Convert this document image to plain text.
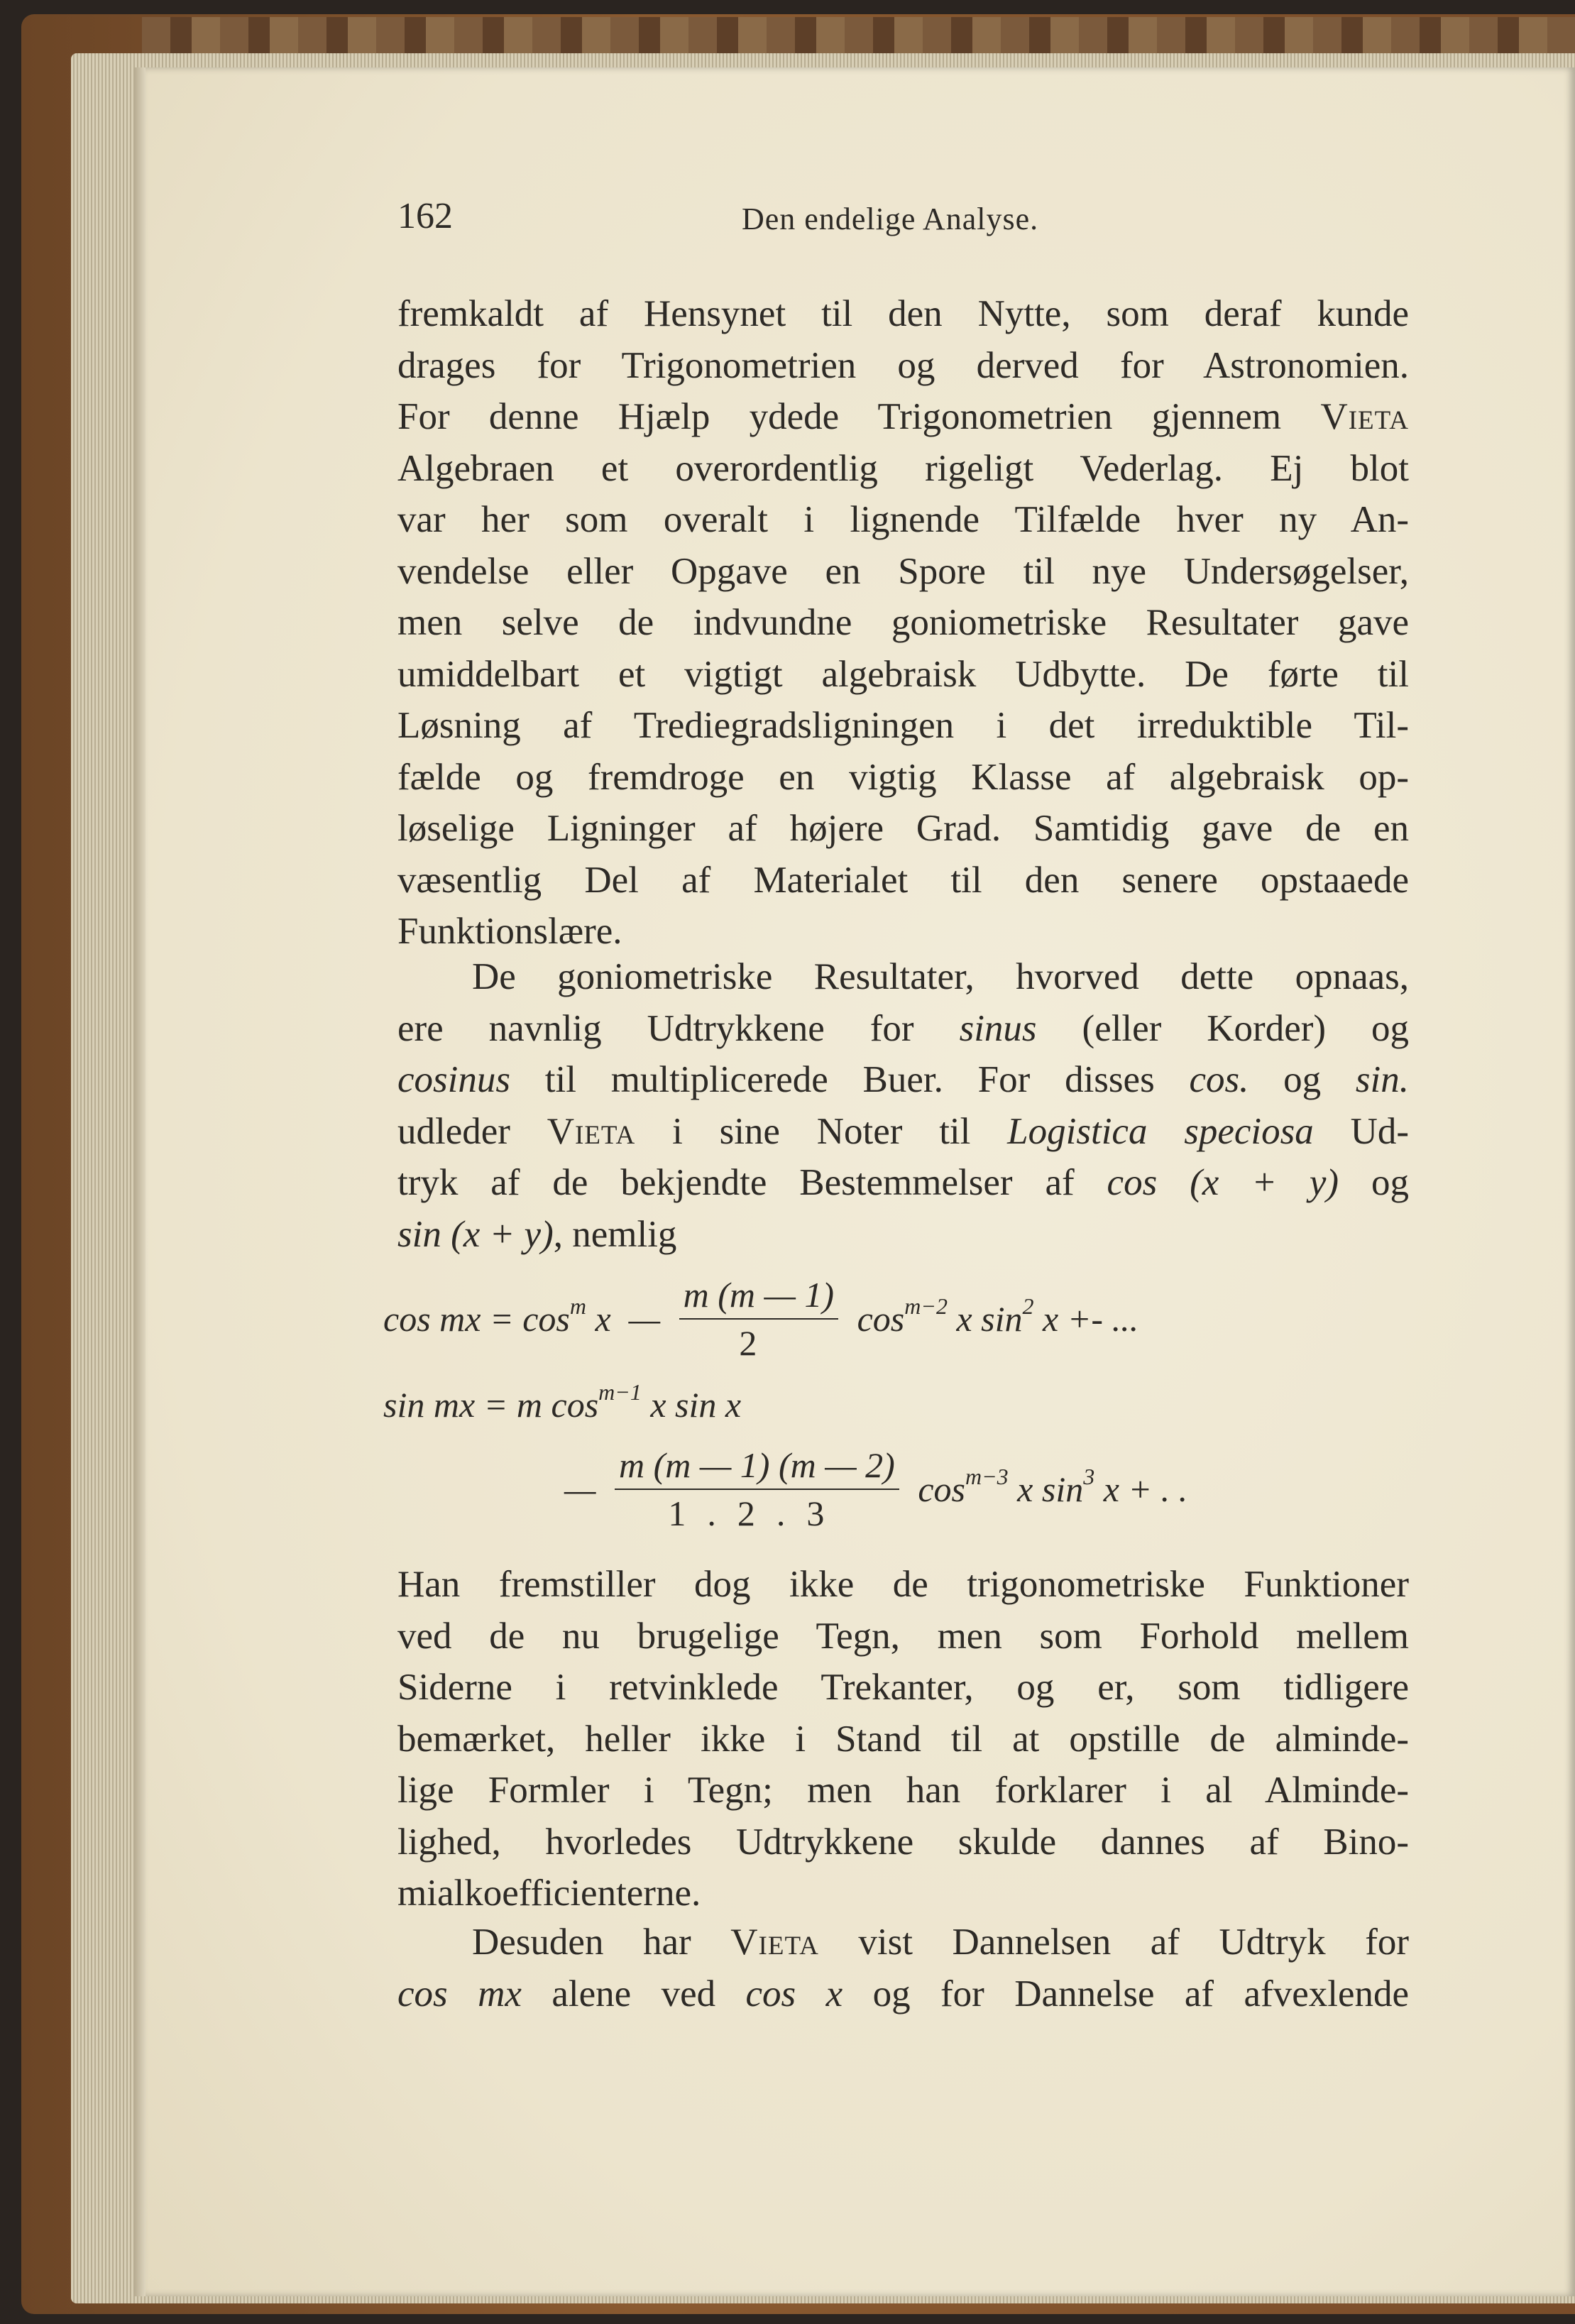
162	Den endelige Analyse.
fremkaldt af Hensynet til den Nytte, som deraf kunde
drages for Trigonometrien og derved for Astronomien.
For denne Hjælp ydede Trigonometrien gjennem Vieta
Algebraen et overordentlig rigeligt Vederlag. Ej blot
var her som overalt i lignende Tilfælde hver ny An-
vendelse eller Opgave en Spore til nye Undersøgelser,
men selve de indvundne goniometriske Resultater gave
umiddelbart et vigtigt algebraisk Udbytte. De førte til
Løsning af Trediegradsligningen i det irreduktible Til-
fælde og fremdroge en vigtig Klasse af algebraisk op-
løselige Ligninger af højere Grad. Samtidig gave de en
væsentlig Del af Materialet til den senere opstaaede
Funktionslære.
De goniometriske Resultater, hvorved dette opnaas,
ere navnlig Udtrykkene for sinus (eller Korder) og
cosinus til multiplicerede Buer. For disses cos. og sin.
udleder Vieta i sine Noter til Logistica speciosa Ud-
tryk af de bekjendte Bestemmelser af cos (x + y) og
sin (x + y), nemlig
cos mx = $\cos^m x$  — $\frac{m (m — 1)}{2} \cos^{m-2} x$ $\sin^2 x$ +- ...
sin mx = m $\cos^{m-1} x$ sin x
— $\frac{m (m — 1) (m — 2)}{1.2.3} \cos^{m-3} x$ $\sin^3 x$ + . .
Han fremstiller dog ikke de trigonometriske Funktioner
ved de nu brugelige Tegn, men som Forhold mellem
Siderne i retvinklede Trekanter, og er, som tidligere
bemærket, heller ikke i Stand til at opstille de alminde-
lige Formler i Tegn; men han forklarer i al Alminde-
lighed, hvorledes Udtrykkene skulde dannes af Bino-
mialkoefficienterne.
Desuden har Vieta vist Dannelsen af Udtryk for
cos mx alene ved cos x og for Dannelse af afvexlende
